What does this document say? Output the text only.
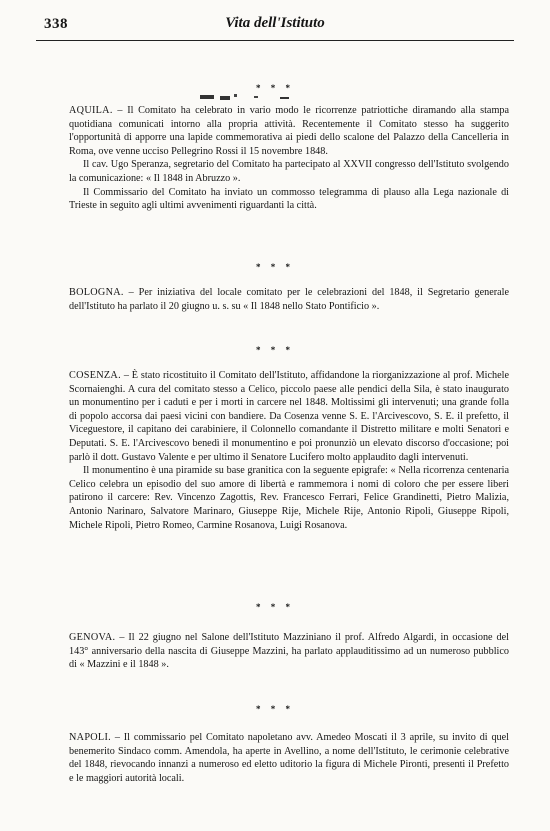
338	Vita dell'Istituto
* * *

AQUILA. – Il Comitato ha celebrato in vario modo le ricorrenze patriottiche diramando alla stampa quotidiana comunicati intorno alla propria attività. Recentemente il Comitato stesso ha suggerito l'opportunità di apporre una lapide commemorativa ai piedi dello scalone del Palazzo della Cancelleria in Roma, ove venne ucciso Pellegrino Rossi il 15 novembre 1848.

Il cav. Ugo Speranza, segretario del Comitato ha partecipato al XXVII congresso dell'Istituto svolgendo la comunicazione: « Il 1848 in Abruzzo ».

Il Commissario del Comitato ha inviato un commosso telegramma di plauso alla Lega nazionale di Trieste in seguito agli ultimi avvenimenti riguardanti la città.

* * *

BOLOGNA. – Per iniziativa del locale comitato per le celebrazioni del 1848, il Segretario generale dell'Istituto ha parlato il 20 giugno u. s. su « Il 1848 nello Stato Pontificio ».

* * *

COSENZA. – È stato ricostituito il Comitato dell'Istituto, affidandone la riorganizzazione al prof. Michele Scornaienghi. A cura del comitato stesso a Celico, piccolo paese alle pendici della Sila, è stato inaugurato un monumentino per i caduti e per i morti in carcere nel 1848. Moltissimi gli intervenuti; una grande folla di popolo accorsa dai paesi vicini con bandiere. Da Cosenza venne S. E. l'Arcivescovo, S. E. il prefetto, il Viceguestore, il capitano dei carabiniere, il Colonnello comandante il Distretto militare e molti Senatori e Deputati. S. E. l'Arcivescovo benedì il monumentino e poi pronunziò un elevato discorso d'occasione; poi parlò il dott. Gustavo Valente e per ultimo il Senatore Lucifero molto applaudito dagli intervenuti.

Il monumentino è una piramide su base granitica con la seguente epigrafe: « Nella ricorrenza centenaria Celico celebra un episodio del suo amore di libertà e rammemora i nomi di coloro che per essere liberi patirono il carcere: Rev. Vincenzo Zagottis, Rev. Francesco Ferrari, Felice Grandinetti, Pietro Malizia, Antonio Narinaro, Salvatore Marinaro, Giuseppe Rije, Michele Rije, Antonio Ripoli, Giuseppe Ripoli, Michele Ripoli, Pietro Romeo, Carmine Rosanova, Luigi Rosanova.

* * *

GENOVA. – Il 22 giugno nel Salone dell'Istituto Mazziniano il prof. Alfredo Algardi, in occasione del 143° anniversario della nascita di Giuseppe Mazzini, ha parlato applauditissimo ad un numeroso pubblico di « Mazzini e il 1848 ».

* * *

NAPOLI. – Il commissario pel Comitato napoletano avv. Amedeo Moscati il 3 aprile, su invito di quel benemerito Sindaco comm. Amendola, ha aperte in Avellino, a nome dell'Istituto, le cerimonie celebrative del 1848, rievocando innanzi a numeroso ed eletto uditorio la figura di Michele Pironti, presenti il Prefetto e le maggiori autorità locali.
